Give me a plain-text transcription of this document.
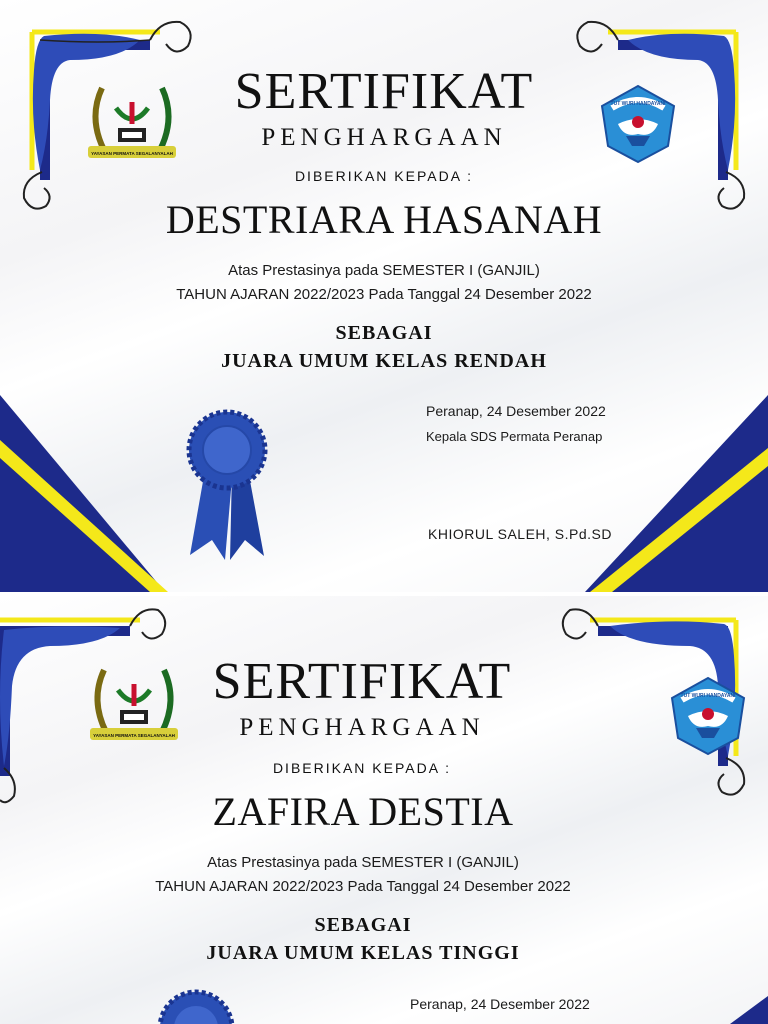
YAYASAN PERMATA SEGALANYALAH
TUT WURI HANDAYANI

SERTIFIKAT

PENGHARGAAN

DIBERIKAN KEPADA :

DESTRIARA HASANAH

Atas Prestasinya pada SEMESTER I (GANJIL)

TAHUN AJARAN 2022/2023 Pada Tanggal 24 Desember 2022

SEBAGAI

JUARA UMUM KELAS RENDAH

Peranap, 24 Desember 2022

Kepala SDS Permata Peranap

KHIORUL SALEH, S.Pd.SD

YAYASAN PERMATA SEGALANYALAH
TUT WURI HANDAYANI

SERTIFIKAT

PENGHARGAAN

DIBERIKAN KEPADA :

ZAFIRA DESTIA

Atas Prestasinya pada SEMESTER I (GANJIL)

TAHUN AJARAN 2022/2023 Pada Tanggal 24 Desember 2022

SEBAGAI

JUARA UMUM KELAS TINGGI

Peranap, 24 Desember 2022
